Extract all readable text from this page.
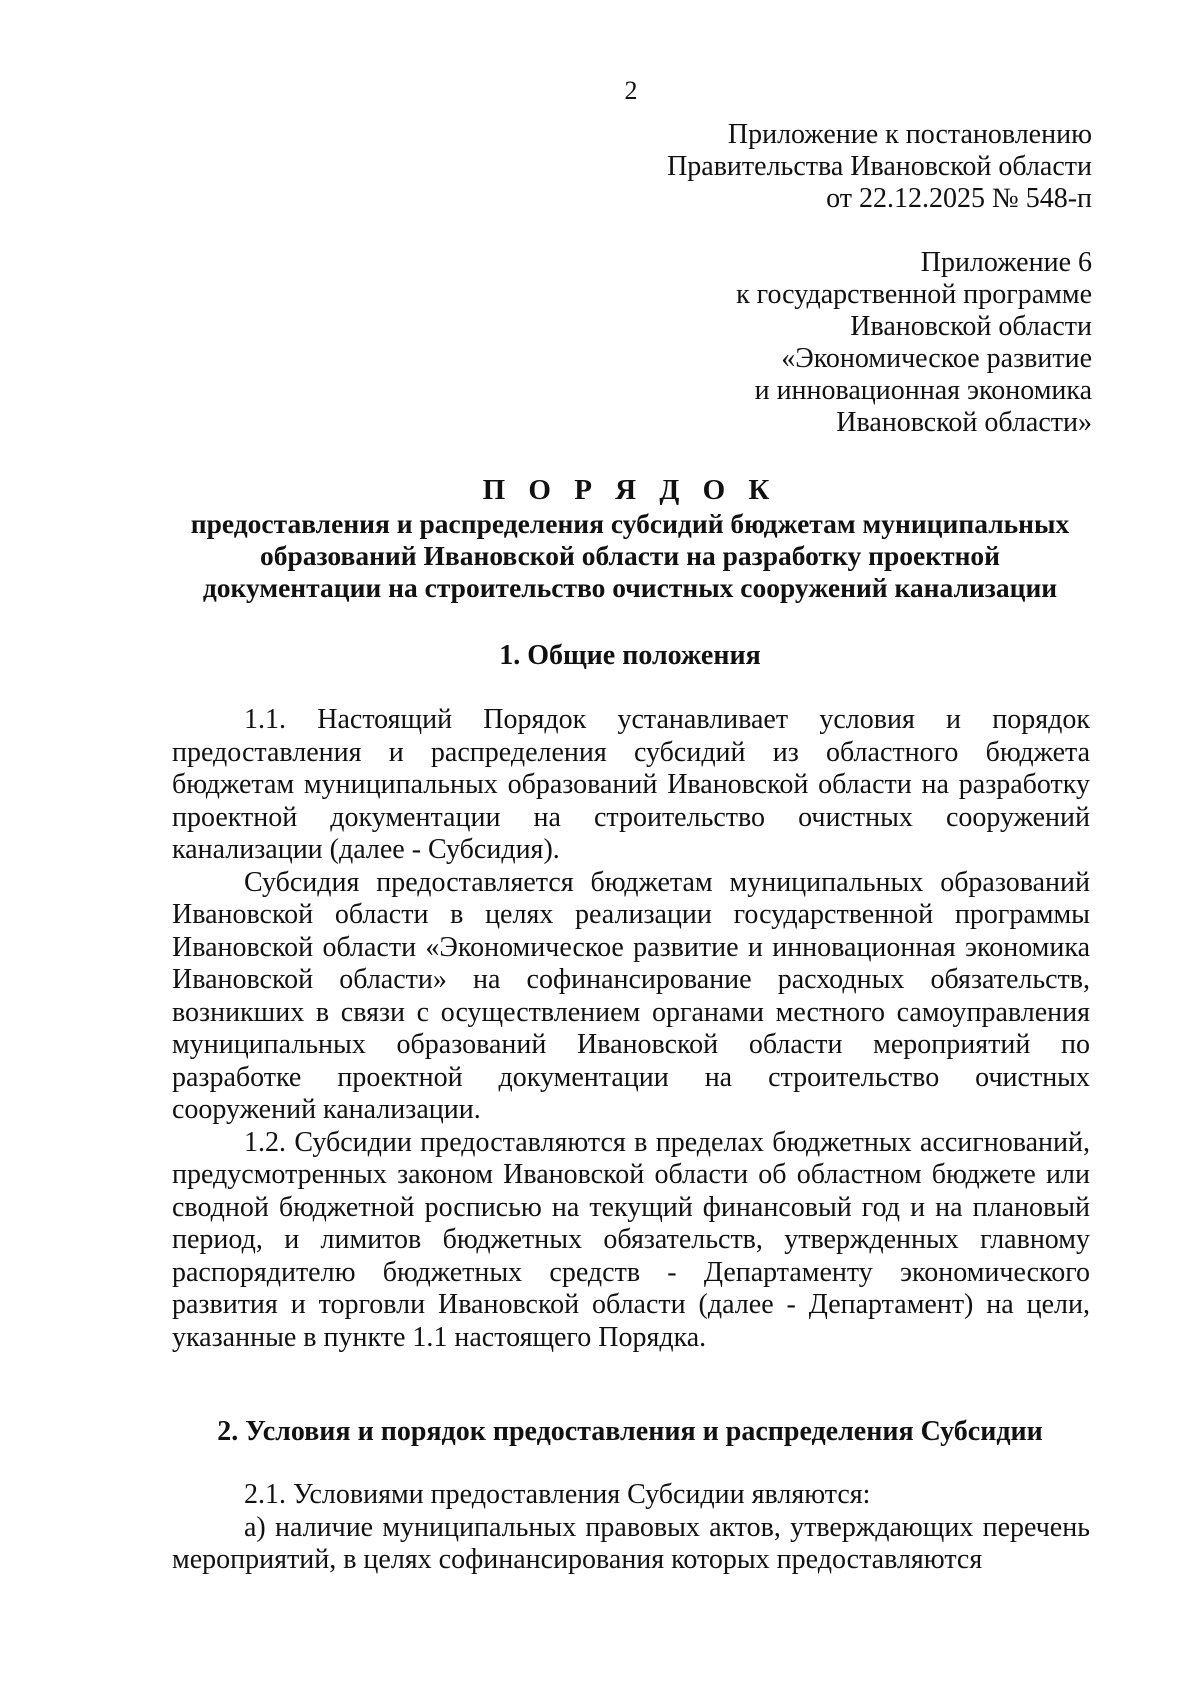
2
Приложение к постановлению
Правительства Ивановской области
от 22.12.2025 № 548-п
Приложение 6
к государственной программе
Ивановской области
«Экономическое развитие
и инновационная экономика
Ивановской области»
П О Р Я Д О К
предоставления и распределения субсидий бюджетам муниципальных
образований Ивановской области на разработку проектной
документации на строительство очистных сооружений канализации
1. Общие положения

1.1. Настоящий Порядок устанавливает условия и порядок предоставления и распределения субсидий из областного бюджета бюджетам муниципальных образований Ивановской области на разработку проектной документации на строительство очистных сооружений канализации (далее - Субсидия).

Субсидия предоставляется бюджетам муниципальных образований Ивановской области в целях реализации государственной программы Ивановской области «Экономическое развитие и инновационная экономика Ивановской области» на софинансирование расходных обязательств, возникших в связи с осуществлением органами местного самоуправления муниципальных образований Ивановской области мероприятий по разработке проектной документации на строительство очистных сооружений канализации.

1.2. Субсидии предоставляются в пределах бюджетных ассигнований, предусмотренных законом Ивановской области об областном бюджете или сводной бюджетной росписью на текущий финансовый год и на плановый период, и лимитов бюджетных обязательств, утвержденных главному распорядителю бюджетных средств - Департаменту экономического развития и торговли Ивановской области (далее - Департамент) на цели, указанные в пункте 1.1 настоящего Порядка.

2. Условия и порядок предоставления и распределения Субсидии

2.1. Условиями предоставления Субсидии являются:

а) наличие муниципальных правовых актов, утверждающих перечень мероприятий, в целях софинансирования которых предоставляются
